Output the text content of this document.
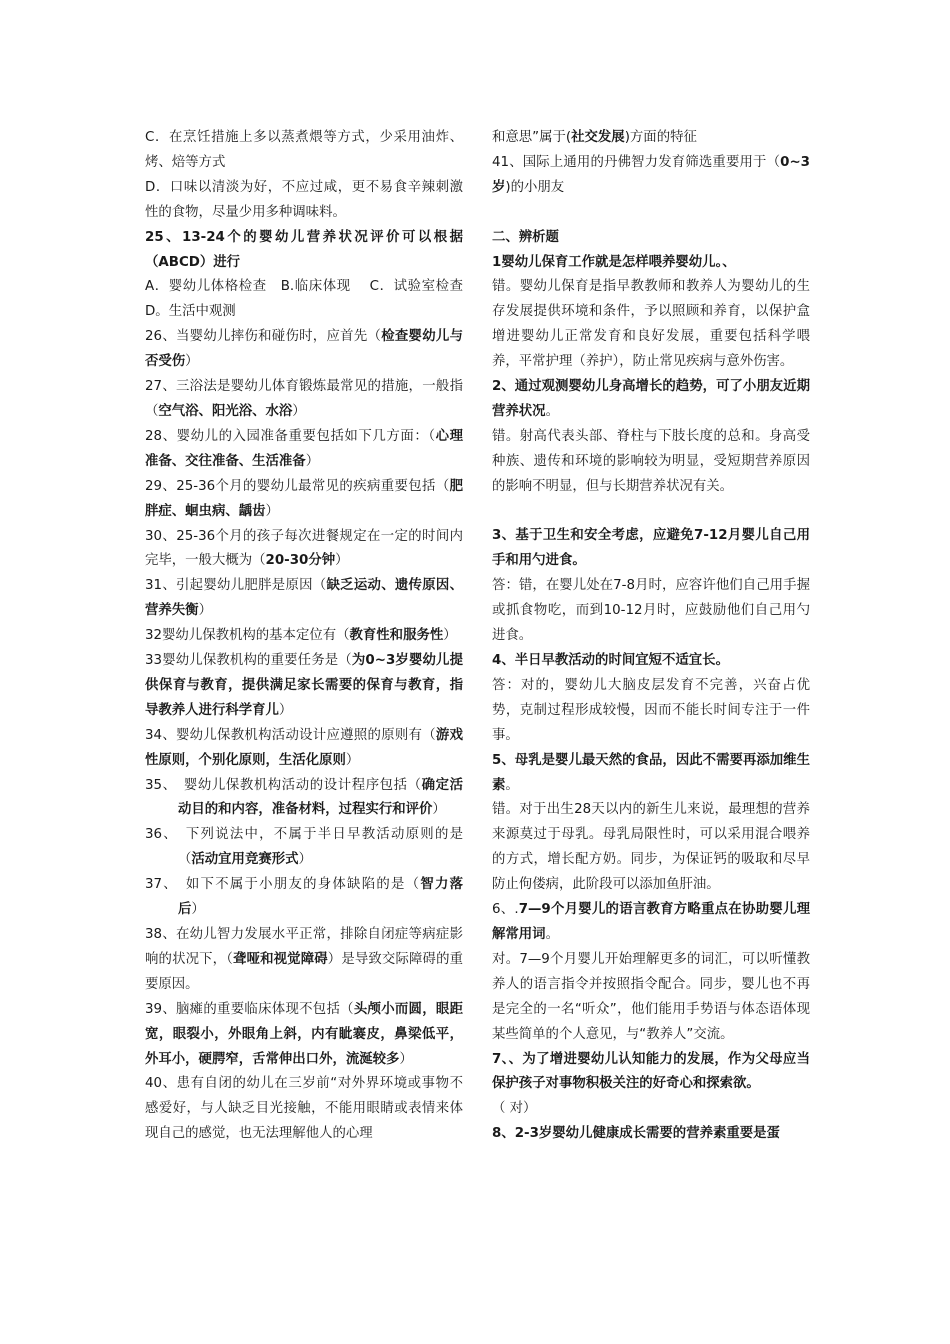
C．在烹饪措施上多以蒸煮煨等方式，少采用油炸、烤、焙等方式

D．口味以清淡为好，不应过咸，更不易食辛辣刺激性的食物，尽量少用多种调味料。

25、13-24个的婴幼儿营养状况评价可以根据（ABCD）进行

A．婴幼儿体格检查　B.临床体现　 C．试验室检查　D。生活中观测

26、当婴幼儿摔伤和碰伤时，应首先（检查婴幼儿与否受伤）

27、三浴法是婴幼儿体育锻炼最常见的措施，一般指（空气浴、阳光浴、水浴）

28、婴幼儿的入园准备重要包括如下几方面：（心理准备、交往准备、生活准备）

29、25-36个月的婴幼儿最常见的疾病重要包括（肥胖症、蛔虫病、龋齿）

30、25-36个月的孩子每次进餐规定在一定的时间内完毕，一般大概为（20-30分钟）

31、引起婴幼儿肥胖是原因（缺乏运动、遗传原因、营养失衡）

32婴幼儿保教机构的基本定位有（教育性和服务性）

33婴幼儿保教机构的重要任务是（为0~3岁婴幼儿提供保育与教育，提供满足家长需要的保育与教育，指导教养人进行科学育儿）

34、婴幼儿保教机构活动设计应遵照的原则有（游戏性原则，个别化原则，生活化原则）

35、　婴幼儿保教机构活动的设计程序包括（确定活动目的和内容，准备材料，过程实行和评价）

36、　下列说法中，不属于半日早教活动原则的是（活动宜用竞赛形式）

37、　如下不属于小朋友的身体缺陷的是（智力落后）

38、在幼儿智力发展水平正常，排除自闭症等病症影响的状况下，（聋哑和视觉障碍）是导致交际障碍的重要原因。

39、脑瘫的重要临床体现不包括（头颅小而圆，眼距宽，眼裂小，外眼角上斜，内有眦褰皮，鼻梁低平，外耳小，硬腭窄，舌常伸出口外，流涎较多）

40、患有自闭的幼儿在三岁前“对外界环境或事物不感爱好，与人缺乏目光接触，不能用眼睛或表情来体现自己的感觉，也无法理解他人的心理

和意思”属于(社交发展)方面的特征

41、国际上通用的丹佛智力发育筛选重要用于（0~3岁)的小朋友

二、辨析题

1婴幼儿保育工作就是怎样喂养婴幼儿。、

错。婴幼儿保育是指早教教师和教养人为婴幼儿的生存发展提供环境和条件，予以照顾和养育，以保护盒增进婴幼儿正常发育和良好发展，重要包括科学喂养，平常护理（养护），防止常见疾病与意外伤害。

2、通过观测婴幼儿身高增长的趋势，可了小朋友近期营养状况。

错。射高代表头部、脊柱与下肢长度的总和。身高受种族、遗传和环境的影响较为明显，受短期营养原因的影响不明显，但与长期营养状况有关。

3、基于卫生和安全考虑，应避免7-12月婴儿自己用手和用勺进食。

答：错，在婴儿处在7-8月时，应容许他们自己用手握或抓食物吃，而到10-12月时，应鼓励他们自己用勺进食。

4、半日早教活动的时间宜短不适宜长。

答：对的，婴幼儿大脑皮层发育不完善，兴奋占优势，克制过程形成较慢，因而不能长时间专注于一件事。

5、母乳是婴儿最天然的食品，因此不需要再添加维生素。

错。对于出生28天以内的新生儿来说，最理想的营养来源莫过于母乳。母乳局限性时，可以采用混合喂养的方式，增长配方奶。同步，为保证钙的吸取和尽早防止佝偻病，此阶段可以添加鱼肝油。

6、.7—9个月婴儿的语言教育方略重点在协助婴儿理解常用词。

对。7—9个月婴儿开始理解更多的词汇，可以听懂教养人的语言指令并按照指令配合。同步，婴儿也不再是完全的一名“听众”，他们能用手势语与体态语体现某些简单的个人意见，与“教养人”交流。

7、、为了增进婴幼儿认知能力的发展，作为父母应当保护孩子对事物积极关注的好奇心和探索欲。

（ 对）

8、2-3岁婴幼儿健康成长需要的营养素重要是蛋
